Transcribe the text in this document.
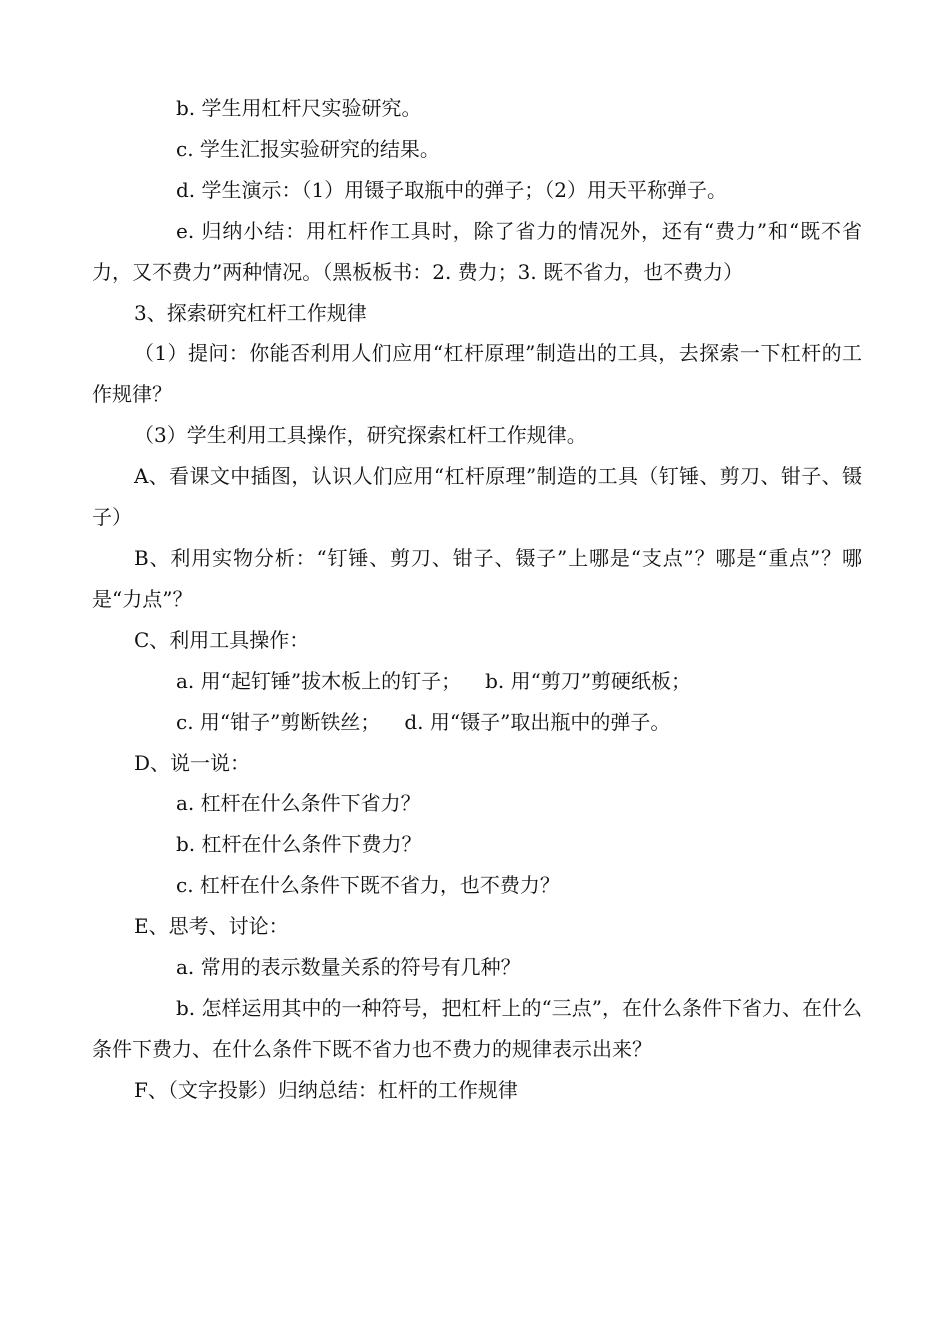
b. 学生用杠杆尺实验研究。

c. 学生汇报实验研究的结果。

d. 学生演示：（1）用镊子取瓶中的弹子；（2）用天平称弹子。

e. 归纳小结：用杠杆作工具时，除了省力的情况外，还有“费力”和“既不省力，又不费力”两种情况。（黑板板书：2. 费力；3. 既不省力，也不费力）

3、探索研究杠杆工作规律

（1）提问：你能否利用人们应用“杠杆原理”制造出的工具，去探索一下杠杆的工作规律？

（3）学生利用工具操作，研究探索杠杆工作规律。

A、看课文中插图，认识人们应用“杠杆原理”制造的工具（钉锤、剪刀、钳子、镊子）

B、利用实物分析：“钉锤、剪刀、钳子、镊子”上哪是“支点”？哪是“重点”？哪是“力点”？

C、利用工具操作：

a. 用“起钉锤”拔木板上的钉子； b. 用“剪刀”剪硬纸板；

c. 用“钳子”剪断铁丝； d. 用“镊子”取出瓶中的弹子。

D、说一说：

a. 杠杆在什么条件下省力？

b. 杠杆在什么条件下费力？

c. 杠杆在什么条件下既不省力，也不费力？

E、思考、讨论：

a. 常用的表示数量关系的符号有几种？

b. 怎样运用其中的一种符号，把杠杆上的“三点”，在什么条件下省力、在什么条件下费力、在什么条件下既不省力也不费力的规律表示出来？

F、（文字投影）归纳总结：杠杆的工作规律
